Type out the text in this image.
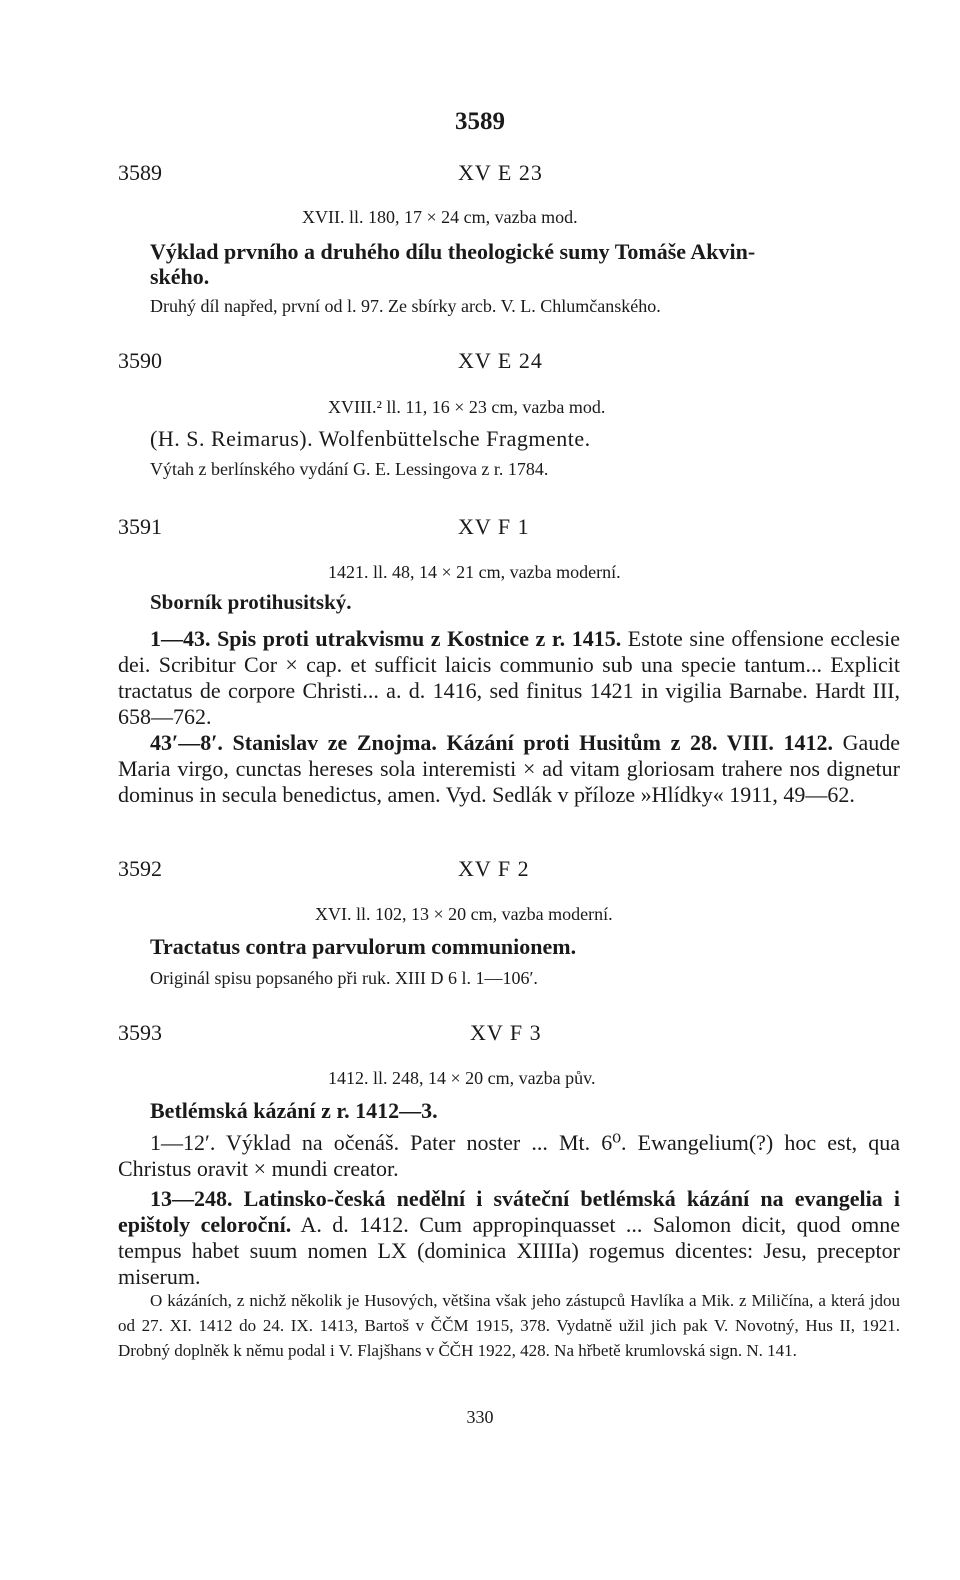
3589
3589	XV E 23
XVII. ll. 180, 17 × 24 cm, vazba mod.
Výklad prvního a druhého dílu theologické sumy Tomáše Akvin-
ského.
Druhý díl napřed, první od l. 97. Ze sbírky arcb. V. L. Chlumčanského.
3590	XV E 24
XVIII.² ll. 11, 16 × 23 cm, vazba mod.
(H. S. Reimarus). Wolfenbüttelsche Fragmente.
Výtah z berlínského vydání G. E. Lessingova z r. 1784.
3591	XV F 1
1421. ll. 48, 14 × 21 cm, vazba moderní.
Sborník protihusitský.
1—43. Spis proti utrakvismu z Kostnice z r. 1415. Estote sine offensione ecclesie dei. Scribitur Cor × cap. et sufficit laicis communio sub una specie tantum... Explicit tractatus de corpore Christi... a. d. 1416, sed finitus 1421 in vigilia Barnabe. Hardt III, 658—762.
43′—8′. Stanislav ze Znojma. Kázání proti Husitům z 28. VIII. 1412. Gaude Maria virgo, cunctas hereses sola interemisti × ad vitam gloriosam trahere nos dignetur dominus in secula benedictus, amen. Vyd. Sedlák v příloze »Hlídky« 1911, 49—62.
3592	XV F 2
XVI. ll. 102, 13 × 20 cm, vazba moderní.
Tractatus contra parvulorum communionem.
Originál spisu popsaného při ruk. XIII D 6 l. 1—106′.
3593	XV F 3
1412. ll. 248, 14 × 20 cm, vazba pův.
Betlémská kázání z r. 1412—3.
1—12′. Výklad na očenáš. Pater noster ... Mt. 6⁰. Ewangelium(?) hoc est, qua Christus oravit × mundi creator.
13—248. Latinsko-česká nedělní i sváteční betlémská kázání na evangelia i epištoly celoroční. A. d. 1412. Cum appropinquasset ... Salomon dicit, quod omne tempus habet suum nomen LX (dominica XIIIIa) rogemus dicentes: Jesu, preceptor miserum.
O kázáních, z nichž několik je Husových, většina však jeho zástupců Havlíka a Mik. z Miličína, a která jdou od 27. XI. 1412 do 24. IX. 1413, Bartoš v ČČM 1915, 378. Vydatně užil jich pak V. Novotný, Hus II, 1921. Drobný doplněk k němu podal i V. Flajšhans v ČČH 1922, 428. Na hřbetě krumlovská sign. N. 141.
330
